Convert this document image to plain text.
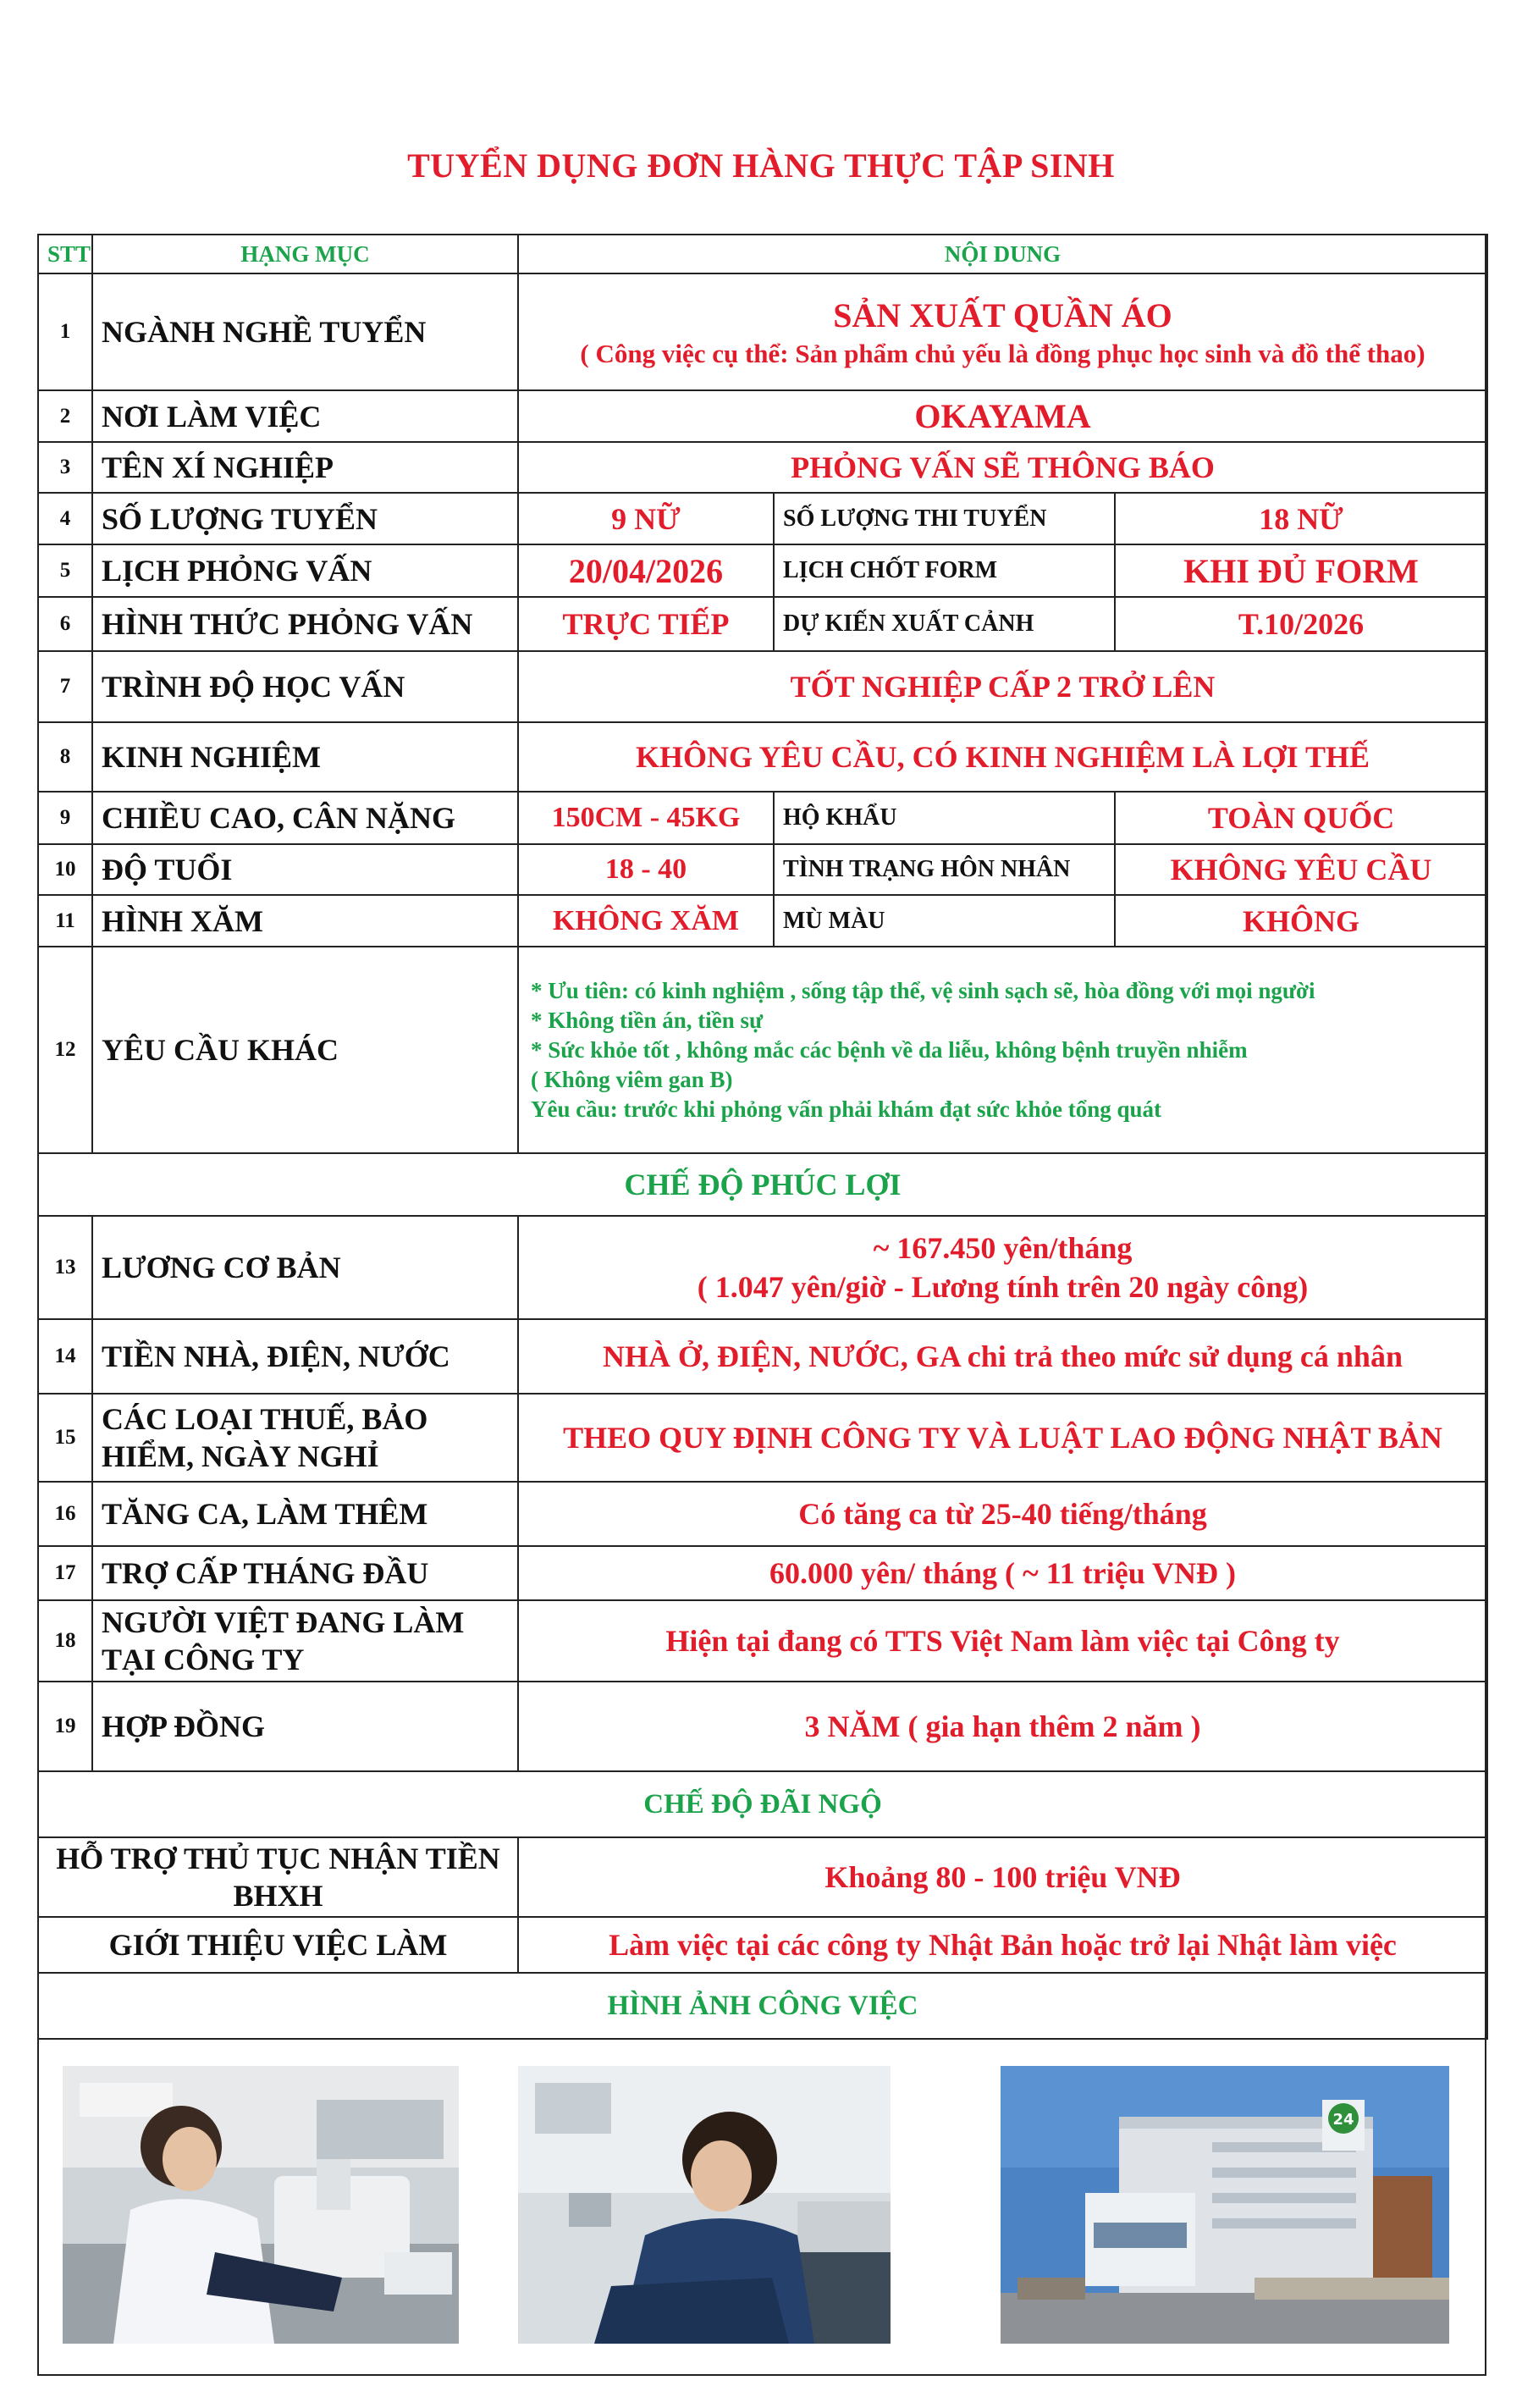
TUYỂN DỤNG ĐƠN HÀNG THỰC TẬP SINH
STT	HẠNG MỤC	NỘI DUNG		
1	NGÀNH NGHỀ TUYỂN	SẢN XUẤT QUẦN ÁO
( Công việc cụ thể: Sản phẩm chủ yếu là đồng phục học sinh và đồ thể thao)		

2	NƠI LÀM VIỆC	OKAYAMA		
3	TÊN XÍ NGHIỆP	PHỎNG VẤN SẼ THÔNG BÁO		
4	SỐ LƯỢNG TUYỂN	9 NỮ	SỐ LƯỢNG THI TUYỂN	18 NỮ
5	LỊCH PHỎNG VẤN	20/04/2026	LỊCH CHỐT FORM	KHI ĐỦ FORM
6	HÌNH THỨC PHỎNG VẤN	TRỰC TIẾP	DỰ KIẾN XUẤT CẢNH	T.10/2026
7	TRÌNH ĐỘ HỌC VẤN	TỐT NGHIỆP CẤP 2 TRỞ LÊN		
8	KINH NGHIỆM	KHÔNG YÊU CẦU, CÓ KINH NGHIỆM LÀ LỢI THẾ		
9	CHIỀU CAO, CÂN NẶNG	150CM - 45KG	HỘ KHẨU	TOÀN QUỐC
10	ĐỘ TUỔI	18 - 40	TÌNH TRẠNG HÔN NHÂN	KHÔNG YÊU CẦU
11	HÌNH XĂM	KHÔNG XĂM	MÙ MÀU	KHÔNG
12	YÊU CẦU KHÁC	* Ưu tiên: có kinh nghiệm , sống tập thể, vệ sinh sạch sẽ, hòa đồng với mọi người
* Không tiền án, tiền sự
* Sức khỏe tốt , không mắc các bệnh về da liễu, không bệnh truyền nhiễm
( Không viêm gan B)
Yêu cầu: trước khi phỏng vấn phải khám đạt sức khỏe tổng quát		

CHẾ ĐỘ PHÚC LỢI				
13	LƯƠNG CƠ BẢN	~ 167.450 yên/tháng
( 1.047 yên/giờ - Lương tính trên 20 ngày công)		

14	TIỀN NHÀ, ĐIỆN, NƯỚC	NHÀ Ở, ĐIỆN, NƯỚC, GA chi trả theo mức sử dụng cá nhân		
15	CÁC LOẠI THUẾ, BẢO
HIỂM, NGÀY NGHỈ	THEO QUY ĐỊNH CÔNG TY VÀ LUẬT LAO ĐỘNG NHẬT BẢN		
16	TĂNG CA, LÀM THÊM	Có tăng ca từ 25-40 tiếng/tháng		
17	TRỢ CẤP THÁNG ĐẦU	60.000 yên/ tháng ( ~ 11 triệu VNĐ )		
18	NGƯỜI VIỆT ĐANG LÀM
TẠI CÔNG TY	Hiện tại đang có TTS Việt Nam làm việc tại Công ty		
19	HỢP ĐỒNG	3 NĂM ( gia hạn thêm 2 năm )		
CHẾ ĐỘ ĐÃI NGỘ				

HỖ TRỢ THỦ TỤC NHẬN TIỀN
BHXH		Khoảng 80 - 100 triệu VNĐ		
GIỚI THIỆU VIỆC LÀM		Làm việc tại các công ty Nhật Bản hoặc trở lại Nhật làm việc		
HÌNH ẢNH CÔNG VIỆC				
24
